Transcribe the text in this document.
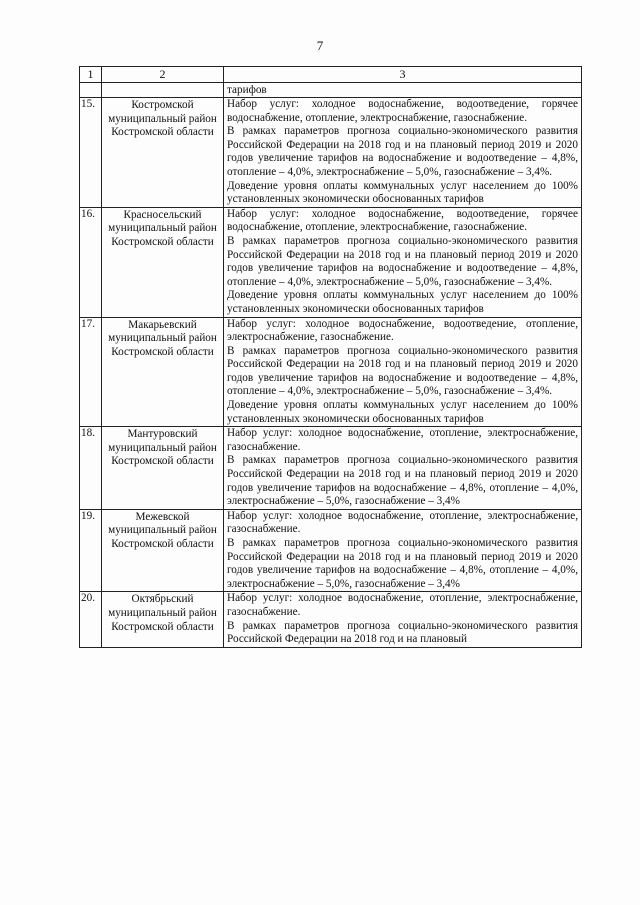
7
1	2	3
		тарифов
15.	Костромской муниципальный район Костромской области	Набор услуг: холодное водоснабжение, водоотведение, горячее водоснабжение, отопление, электроснабжение, газоснабжение.
В рамках параметров прогноза социально-экономического развития Российской Федерации на 2018 год и на плановый период 2019 и 2020 годов увеличение тарифов на водоснабжение и водоотведение – 4,8%, отопление – 4,0%, электроснабжение – 5,0%, газоснабжение – 3,4%.
Доведение уровня оплаты коммунальных услуг населением до 100% установленных экономически обоснованных тарифов

16.	Красносельский муниципальный район Костромской области	Набор услуг: холодное водоснабжение, водоотведение, горячее водоснабжение, отопление, электроснабжение, газоснабжение.
В рамках параметров прогноза социально-экономического развития Российской Федерации на 2018 год и на плановый период 2019 и 2020 годов увеличение тарифов на водоснабжение и водоотведение – 4,8%, отопление – 4,0%, электроснабжение – 5,0%, газоснабжение – 3,4%.
Доведение уровня оплаты коммунальных услуг населением до 100% установленных экономически обоснованных тарифов

17.	Макарьевский муниципальный район Костромской области	Набор услуг: холодное водоснабжение, водоотведение, отопление, электроснабжение, газоснабжение.
В рамках параметров прогноза социально-экономического развития Российской Федерации на 2018 год и на плановый период 2019 и 2020 годов увеличение тарифов на водоснабжение и водоотведение – 4,8%, отопление – 4,0%, электроснабжение – 5,0%, газоснабжение – 3,4%.
Доведение уровня оплаты коммунальных услуг населением до 100% установленных экономически обоснованных тарифов

18.	Мантуровский муниципальный район Костромской области	Набор услуг: холодное водоснабжение, отопление, электроснабжение, газоснабжение.
В рамках параметров прогноза социально-экономического развития Российской Федерации на 2018 год и на плановый период 2019 и 2020 годов увеличение тарифов на водоснабжение – 4,8%, отопление – 4,0%, электроснабжение – 5,0%, газоснабжение – 3,4%

19.	Межевской муниципальный район Костромской области	Набор услуг: холодное водоснабжение, отопление, электроснабжение, газоснабжение.
В рамках параметров прогноза социально-экономического развития Российской Федерации на 2018 год и на плановый период 2019 и 2020 годов увеличение тарифов на водоснабжение – 4,8%, отопление – 4,0%, электроснабжение – 5,0%, газоснабжение – 3,4%

20.	Октябрьский муниципальный район Костромской области	Набор услуг: холодное водоснабжение, отопление, электроснабжение, газоснабжение.
В рамках параметров прогноза социально-экономического развития Российской Федерации на 2018 год и на плановый
